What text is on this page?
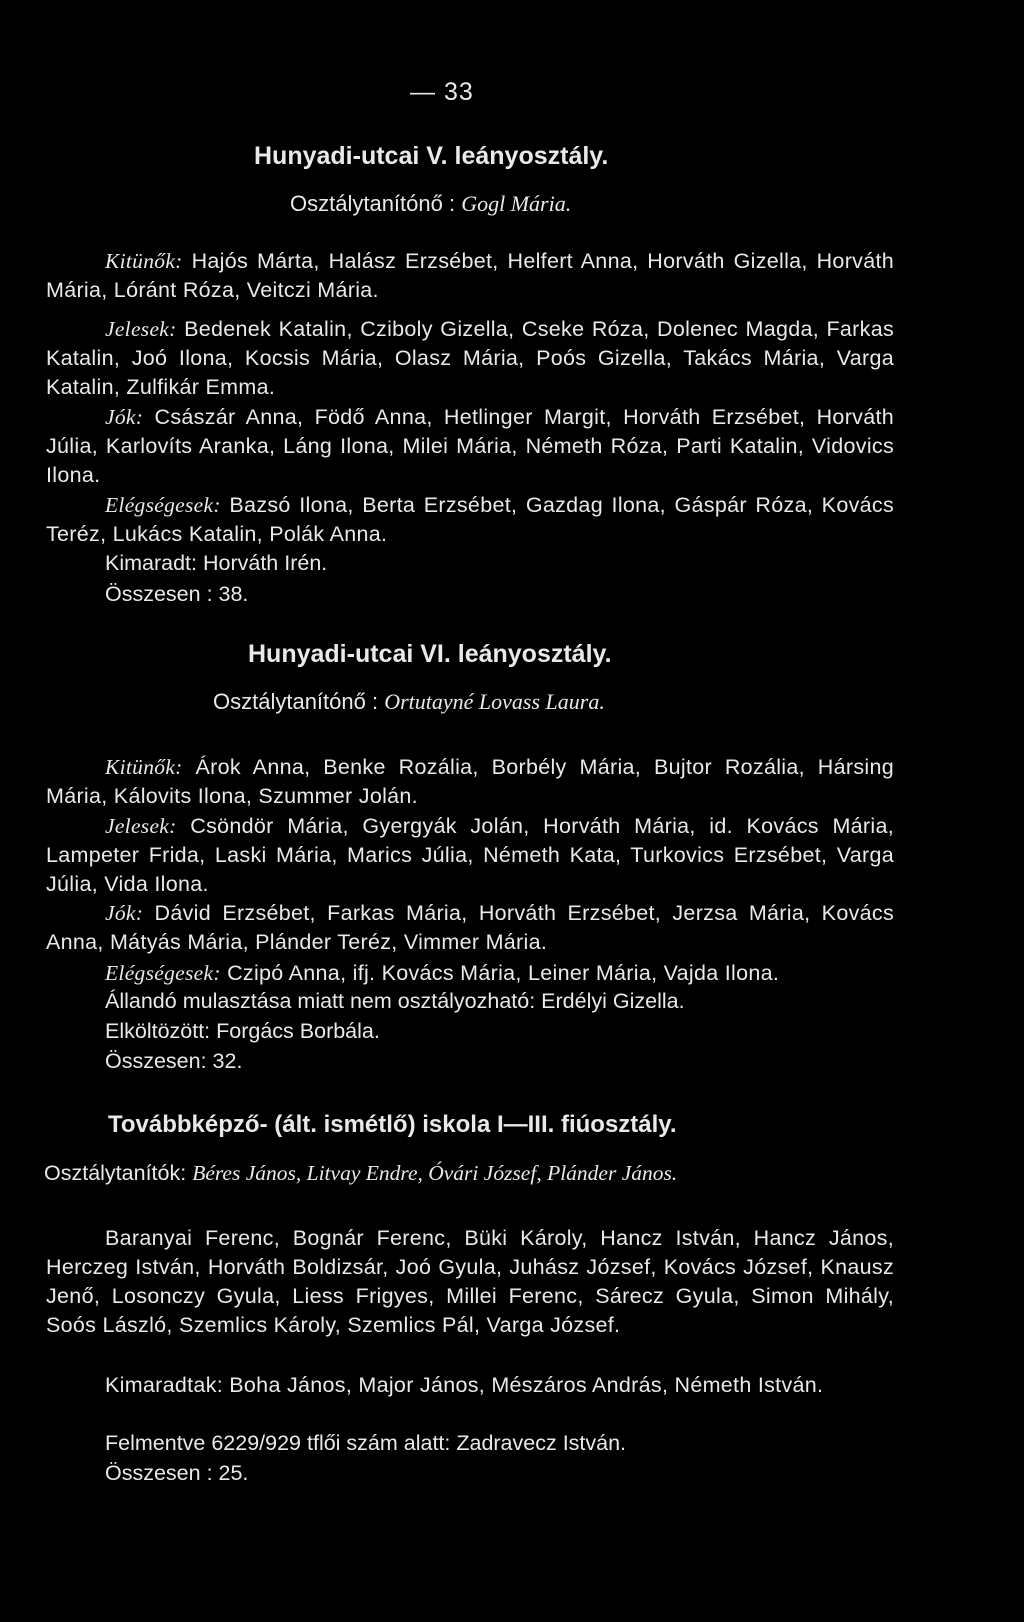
— 33
Hunyadi-utcai V. leányosztály.
Osztálytanítónő : Gogl Mária.
Kitünők: Hajós Márta, Halász Erzsébet, Helfert Anna, Horváth Gizella, Horváth Mária, Lóránt Róza, Veitczi Mária.
Jelesek: Bedenek Katalin, Cziboly Gizella, Cseke Róza, Dolenec Magda, Farkas Katalin, Joó Ilona, Kocsis Mária, Olasz Mária, Poós Gizella, Takács Mária, Varga Katalin, Zulfikár Emma.
Jók: Császár Anna, Födő Anna, Hetlinger Margit, Horváth Erzsébet, Horváth Júlia, Karlovíts Aranka, Láng Ilona, Milei Mária, Németh Róza, Parti Katalin, Vidovics Ilona.
Elégségesek: Bazsó Ilona, Berta Erzsébet, Gazdag Ilona, Gáspár Róza, Kovács Teréz, Lukács Katalin, Polák Anna.
Kimaradt: Horváth Irén.
Összesen : 38.
Hunyadi-utcai VI. leányosztály.
Osztálytanítónő : Ortutayné Lovass Laura.
Kitünők: Árok Anna, Benke Rozália, Borbély Mária, Bujtor Rozália, Hársing Mária, Kálovits Ilona, Szummer Jolán.
Jelesek: Csöndör Mária, Gyergyák Jolán, Horváth Mária, id. Kovács Mária, Lampeter Frida, Laski Mária, Marics Júlia, Németh Kata, Turkovics Erzsébet, Varga Júlia, Vida Ilona.
Jók: Dávid Erzsébet, Farkas Mária, Horváth Erzsébet, Jerzsa Mária, Kovács Anna, Mátyás Mária, Plánder Teréz, Vimmer Mária.
Elégségesek: Czipó Anna, ifj. Kovács Mária, Leiner Mária, Vajda Ilona.
Állandó mulasztása miatt nem osztályozható: Erdélyi Gizella.
Elköltözött: Forgács Borbála.
Összesen: 32.
Továbbképző- (ált. ismétlő) iskola I—III. fiúosztály.
Osztálytanítók: Béres János, Litvay Endre, Óvári József, Plánder János.
Baranyai Ferenc, Bognár Ferenc, Büki Károly, Hancz István, Hancz János, Herczeg István, Horváth Boldizsár, Joó Gyula, Juhász József, Kovács József, Knausz Jenő, Losonczy Gyula, Liess Frigyes, Millei Ferenc, Sárecz Gyula, Simon Mihály, Soós László, Szemlics Károly, Szemlics Pál, Varga József.
Kimaradtak: Boha János, Major János, Mészáros András, Németh István.
Felmentve 6229/929 tflői szám alatt: Zadravecz István.
Összesen : 25.
